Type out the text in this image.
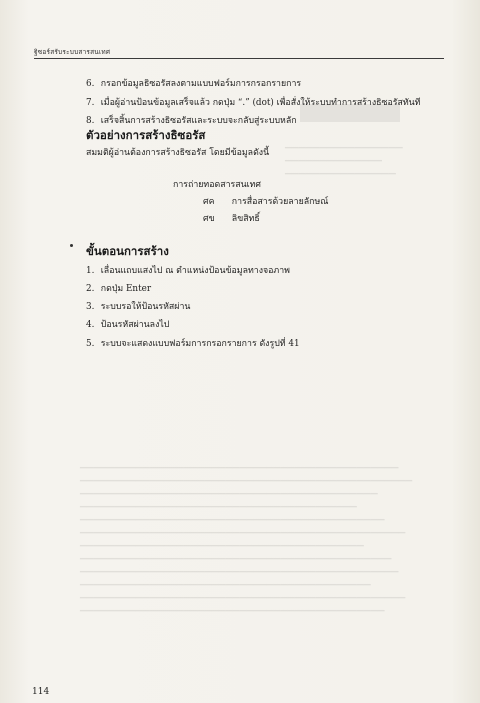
▁▁▁▁▁▁▁▁▁▁▁▁▁▁▁▁▁
▁▁▁▁▁▁▁▁▁▁▁▁▁▁
▁▁▁▁▁▁▁▁▁▁▁▁▁▁▁▁
▁▁▁▁▁▁▁▁▁▁▁▁▁▁▁▁▁▁▁▁▁▁▁▁▁▁▁▁▁▁▁▁▁▁▁▁▁▁▁▁▁▁▁▁▁▁
▁▁▁▁▁▁▁▁▁▁▁▁▁▁▁▁▁▁▁▁▁▁▁▁▁▁▁▁▁▁▁▁▁▁▁▁▁▁▁▁▁▁▁▁▁▁▁▁
▁▁▁▁▁▁▁▁▁▁▁▁▁▁▁▁▁▁▁▁▁▁▁▁▁▁▁▁▁▁▁▁▁▁▁▁▁▁▁▁▁▁▁
▁▁▁▁▁▁▁▁▁▁▁▁▁▁▁▁▁▁▁▁▁▁▁▁▁▁▁▁▁▁▁▁▁▁▁▁▁▁▁▁
▁▁▁▁▁▁▁▁▁▁▁▁▁▁▁▁▁▁▁▁▁▁▁▁▁▁▁▁▁▁▁▁▁▁▁▁▁▁▁▁▁▁▁▁
▁▁▁▁▁▁▁▁▁▁▁▁▁▁▁▁▁▁▁▁▁▁▁▁▁▁▁▁▁▁▁▁▁▁▁▁▁▁▁▁▁▁▁▁▁▁▁
▁▁▁▁▁▁▁▁▁▁▁▁▁▁▁▁▁▁▁▁▁▁▁▁▁▁▁▁▁▁▁▁▁▁▁▁▁▁▁▁▁
▁▁▁▁▁▁▁▁▁▁▁▁▁▁▁▁▁▁▁▁▁▁▁▁▁▁▁▁▁▁▁▁▁▁▁▁▁▁▁▁▁▁▁▁▁
▁▁▁▁▁▁▁▁▁▁▁▁▁▁▁▁▁▁▁▁▁▁▁▁▁▁▁▁▁▁▁▁▁▁▁▁▁▁▁▁▁▁▁▁▁▁
▁▁▁▁▁▁▁▁▁▁▁▁▁▁▁▁▁▁▁▁▁▁▁▁▁▁▁▁▁▁▁▁▁▁▁▁▁▁▁▁▁▁
▁▁▁▁▁▁▁▁▁▁▁▁▁▁▁▁▁▁▁▁▁▁▁▁▁▁▁▁▁▁▁▁▁▁▁▁▁▁▁▁▁▁▁▁▁▁▁
▁▁▁▁▁▁▁▁▁▁▁▁▁▁▁▁▁▁▁▁▁▁▁▁▁▁▁▁▁▁▁▁▁▁▁▁▁▁▁▁▁▁▁▁
ฐิซอร์สรับระบบสารสนเทศ
6. กรอกข้อมูลธิซอรัสลงตามแบบฟอร์มการกรอกรายการ
7. เมื่อผู้อ่านป้อนข้อมูลเสร็จแล้ว กดปุ่ม “.” (dot) เพื่อสั่งให้ระบบทำการสร้างธิซอรัสทันที
8. เสร็จสิ้นการสร้างธิซอรัสและระบบจะกลับสู่ระบบหลัก
ตัวอย่างการสร้างธิซอรัส
สมมติผู้อ่านต้องการสร้างธิซอรัส โดยมีข้อมูลดังนี้
การถ่ายทอดสารสนเทศ
ศค การสื่อสารด้วยลายลักษณ์
ศข ลิขสิทธิ์
ขั้นตอนการสร้าง
1. เลื่อนแถบแสงไป ณ ตำแหน่งป้อนข้อมูลทางจอภาพ
2. กดปุ่ม Enter
3. ระบบรอให้ป้อนรหัสผ่าน
4. ป้อนรหัสผ่านลงไป
5. ระบบจะแสดงแบบฟอร์มการกรอกรายการ ดังรูปที่ 41
114
